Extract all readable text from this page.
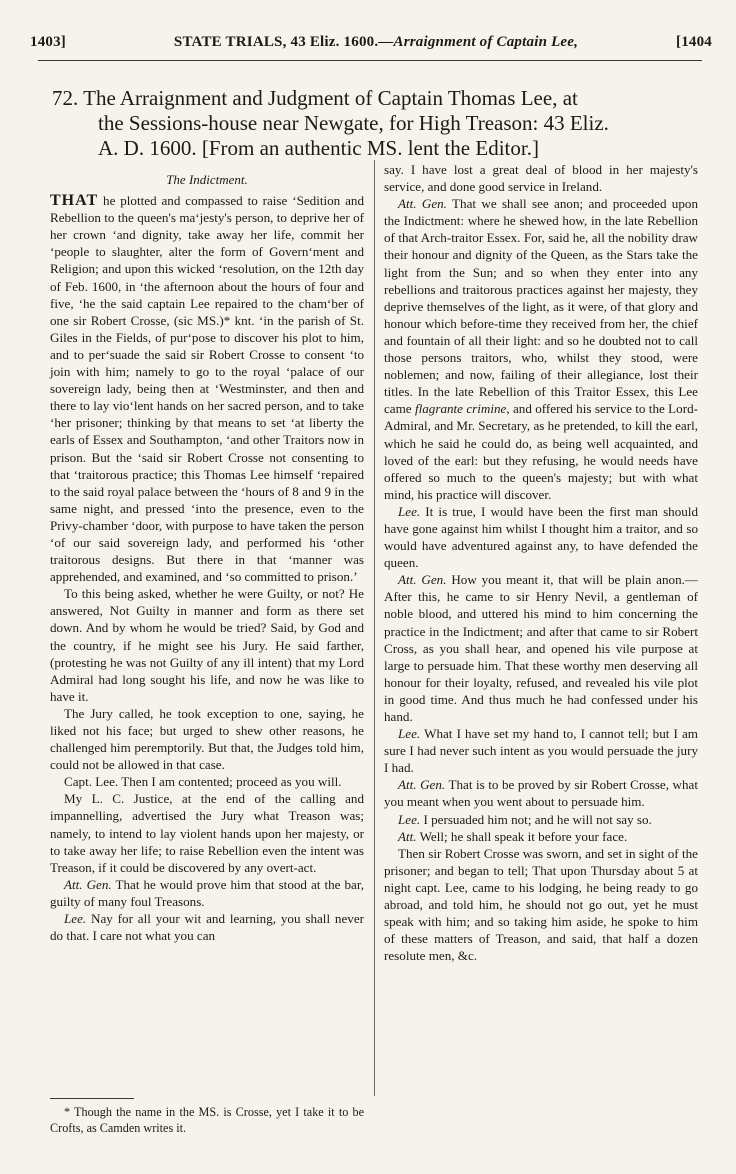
1403]	STATE TRIALS, 43 Eliz. 1600.—Arraignment of Captain Lee,	[1404

72. The Arraignment and Judgment of Captain Thomas Lee, at

the Sessions-house near Newgate, for High Treason: 43 Eliz.

A. D. 1600. [From an authentic MS. lent the Editor.]

The Indictment.

THAT he plotted and compassed to raise ‘Sedition and Rebellion to the queen's ma‘jesty's person, to deprive her of her crown ‘and dignity, take away her life, commit her ‘people to slaughter, alter the form of Govern‘ment and Religion; and upon this wicked ‘resolution, on the 12th day of Feb. 1600, in ‘the afternoon about the hours of four and five, ‘he the said captain Lee repaired to the cham‘ber of one sir Robert Crosse, (sic MS.)* knt. ‘in the parish of St. Giles in the Fields, of pur‘pose to discover his plot to him, and to per‘suade the said sir Robert Crosse to consent ‘to join with him; namely to go to the royal ‘palace of our sovereign lady, being then at ‘Westminster, and then and there to lay vio‘lent hands on her sacred person, and to take ‘her prisoner; thinking by that means to set ‘at liberty the earls of Essex and Southampton, ‘and other Traitors now in prison. But the ‘said sir Robert Crosse not consenting to that ‘traitorous practice; this Thomas Lee himself ‘repaired to the said royal palace between the ‘hours of 8 and 9 in the same night, and pressed ‘into the presence, even to the Privy-chamber ‘door, with purpose to have taken the person ‘of our said sovereign lady, and performed his ‘other traitorous designs. But there in that ‘manner was apprehended, and examined, and ‘so committed to prison.’

To this being asked, whether he were Guilty, or not? He answered, Not Guilty in manner and form as there set down. And by whom he would be tried? Said, by God and the country, if he might see his Jury. He said farther, (protesting he was not Guilty of any ill intent) that my Lord Admiral had long sought his life, and now he was like to have it.

The Jury called, he took exception to one, saying, he liked not his face; but urged to shew other reasons, he challenged him peremptorily. But that, the Judges told him, could not be allowed in that case.

Capt. Lee. Then I am contented; proceed as you will.

My L. C. Justice, at the end of the calling and impannelling, advertised the Jury what Treason was; namely, to intend to lay violent hands upon her majesty, or to take away her life; to raise Rebellion even the intent was Treason, if it could be discovered by any overt-act.

Att. Gen. That he would prove him that stood at the bar, guilty of many foul Treasons.

Lee. Nay for all your wit and learning, you shall never do that. I care not what you can

say. I have lost a great deal of blood in her majesty's service, and done good service in Ireland.

Att. Gen. That we shall see anon; and proceeded upon the Indictment: where he shewed how, in the late Rebellion of that Arch-traitor Essex. For, said he, all the nobility draw their honour and dignity of the Queen, as the Stars take the light from the Sun; and so when they enter into any rebellions and traitorous practices against her majesty, they deprive themselves of the light, as it were, of that glory and honour which before-time they received from her, the chief and fountain of all their light: and so he doubted not to call those persons traitors, who, whilst they stood, were noblemen; and now, failing of their allegiance, lost their titles. In the late Rebellion of this Traitor Essex, this Lee came flagrante crimine, and offered his service to the Lord-Admiral, and Mr. Secretary, as he pretended, to kill the earl, which he said he could do, as being well acquainted, and loved of the earl: but they refusing, he would needs have offered so much to the queen's majesty; but with what mind, his practice will discover.

Lee. It is true, I would have been the first man should have gone against him whilst I thought him a traitor, and so would have adventured against any, to have defended the queen.

Att. Gen. How you meant it, that will be plain anon.—After this, he came to sir Henry Nevil, a gentleman of noble blood, and uttered his mind to him concerning the practice in the Indictment; and after that came to sir Robert Cross, as you shall hear, and opened his vile purpose at large to persuade him. That these worthy men deserving all honour for their loyalty, refused, and revealed his vile plot in good time. And thus much he had confessed under his hand.

Lee. What I have set my hand to, I cannot tell; but I am sure I had never such intent as you would persuade the jury I had.

Att. Gen. That is to be proved by sir Robert Crosse, what you meant when you went about to persuade him.

Lee. I persuaded him not; and he will not say so.

Att. Well; he shall speak it before your face.

Then sir Robert Crosse was sworn, and set in sight of the prisoner; and began to tell; That upon Thursday about 5 at night capt. Lee, came to his lodging, he being ready to go abroad, and told him, he should not go out, yet he must speak with him; and so taking him aside, he spoke to him of these matters of Treason, and said, that half a dozen resolute men, &c.

* Though the name in the MS. is Crosse, yet I take it to be Crofts, as Camden writes it.
